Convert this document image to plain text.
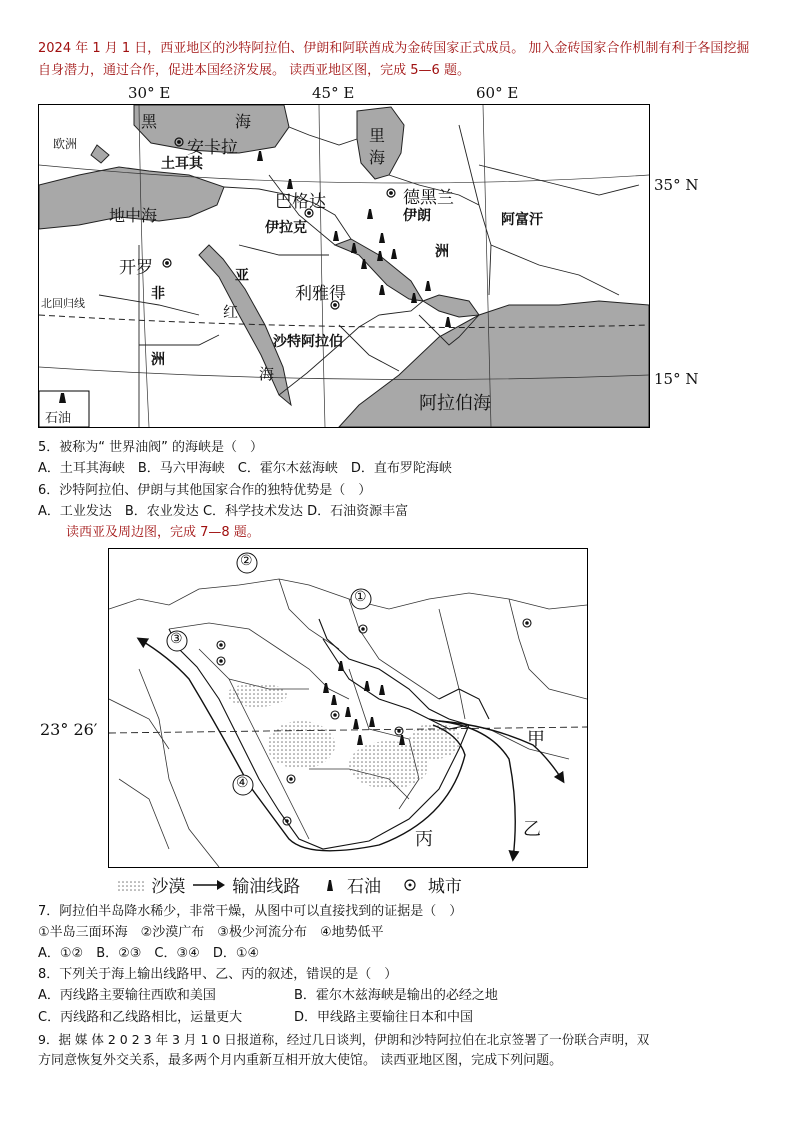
2024 年 1 月 1 日，西亚地区的沙特阿拉伯、伊朗和阿联酋成为金砖国家正式成员。 加入金砖国家合作机制有利于各国挖掘自身潜力，通过合作，促进本国经济发展。 读西亚地区图，完成 5—6 题。
30° E	45° E	60° E
35° N
15° N
欧洲
黑	海
安卡拉
土耳其
里
海
巴格达	德黑兰
伊朗	阿富汗
地中海
伊拉克
开罗	亚
洲
非
洲
利雅得
北回归线	红
海
沙特阿拉伯
阿拉伯海
石油
5．被称为“ 世界油阀” 的海峡是（　）
A．土耳其海峡　B．马六甲海峡　C．霍尔木兹海峡　D．直布罗陀海峡
6．沙特阿拉伯、伊朗与其他国家合作的独特优势是（　）
A．工业发达　B．农业发达 C．科学技术发达 D．石油资源丰富
读西亚及周边图，完成 7—8 题。
23° 26′
②
①
③
④
甲
乙
丙
沙漠	输油线路	石油	城市
7．阿拉伯半岛降水稀少，非常干燥，从图中可以直接找到的证据是（　）
①半岛三面环海　②沙漠广布　③极少河流分布　④地势低平
A．①②　B．②③　C．③④　D．①④
8．下列关于海上输出线路甲、乙、丙的叙述，错误的是（　）
A．丙线路主要输往西欧和美国	B．霍尔木兹海峡是输出的必经之地
C．丙线路和乙线路相比，运量更大	D．甲线路主要输往日本和中国
9．据 媒 体 2 0 2 3 年 3 月 1 0 日报道称，经过几日谈判，伊朗和沙特阿拉伯在北京签署了一份联合声明，双
方同意恢复外交关系，最多两个月内重新互相开放大使馆。 读西亚地区图，完成下列问题。
